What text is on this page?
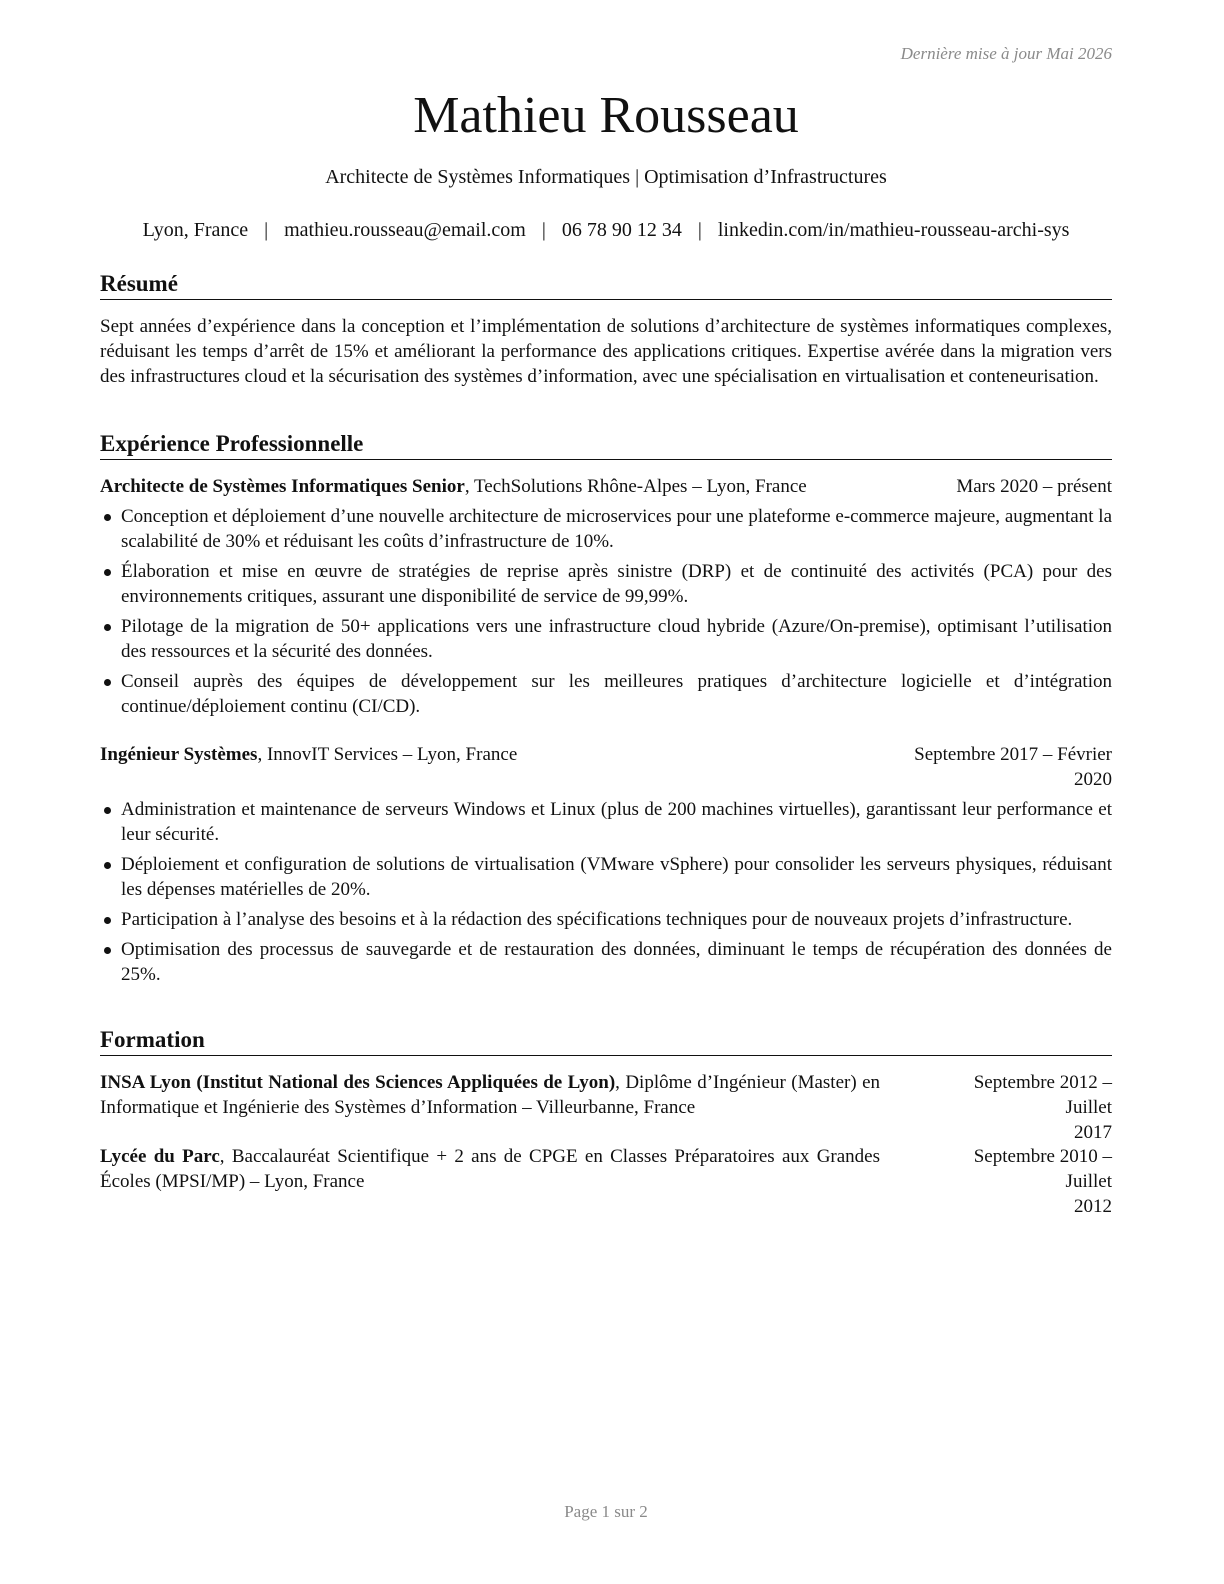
Dernière mise à jour Mai 2026
Mathieu Rousseau
Architecte de Systèmes Informatiques | Optimisation d’Infrastructures
Lyon, France | mathieu.rousseau@email.com | 06 78 90 12 34 | linkedin.com/in/mathieu-rousseau-archi-sys
Résumé

Sept années d’expérience dans la conception et l’implémentation de solutions d’architecture de systèmes informatiques complexes, réduisant les temps d’arrêt de 15% et améliorant la performance des applications critiques. Expertise avérée dans la migration vers des infrastructures cloud et la sécurisation des systèmes d’information, avec une spécialisation en virtualisation et conteneurisation.

Expérience Professionnelle
Architecte de Systèmes Informatiques Senior, TechSolutions Rhône-Alpes – Lyon, France	Mars 2020 – présent
Conception et déploiement d’une nouvelle architecture de microservices pour une plateforme e-commerce majeure, augmentant la scalabilité de 30% et réduisant les coûts d’infrastructure de 10%.
Élaboration et mise en œuvre de stratégies de reprise après sinistre (DRP) et de continuité des activités (PCA) pour des environnements critiques, assurant une disponibilité de service de 99,99%.
Pilotage de la migration de 50+ applications vers une infrastructure cloud hybride (Azure/On-premise), optimisant l’utilisation des ressources et la sécurité des données.
Conseil auprès des équipes de développement sur les meilleures pratiques d’architecture logicielle et d’intégration continue/déploiement continu (CI/CD).
Ingénieur Systèmes, InnovIT Services – Lyon, France	Septembre 2017 – Février
2020
Administration et maintenance de serveurs Windows et Linux (plus de 200 machines virtuelles), garantissant leur performance et leur sécurité.
Déploiement et configuration de solutions de virtualisation (VMware vSphere) pour consolider les serveurs physiques, réduisant les dépenses matérielles de 20%.
Participation à l’analyse des besoins et à la rédaction des spécifications techniques pour de nouveaux projets d’infrastructure.
Optimisation des processus de sauvegarde et de restauration des données, diminuant le temps de récupération des données de 25%.
Formation
INSA Lyon (Institut National des Sciences Appliquées de Lyon), Diplôme d’Ingénieur (Master) en Informatique et Ingénierie des Systèmes d’Information – Villeurbanne, France
Septembre 2012 – Juillet
2017
Lycée du Parc, Baccalauréat Scientifique + 2 ans de CPGE en Classes Préparatoires aux Grandes Écoles (MPSI/MP) – Lyon, France
Septembre 2010 – Juillet
2012
Page 1 sur 2
